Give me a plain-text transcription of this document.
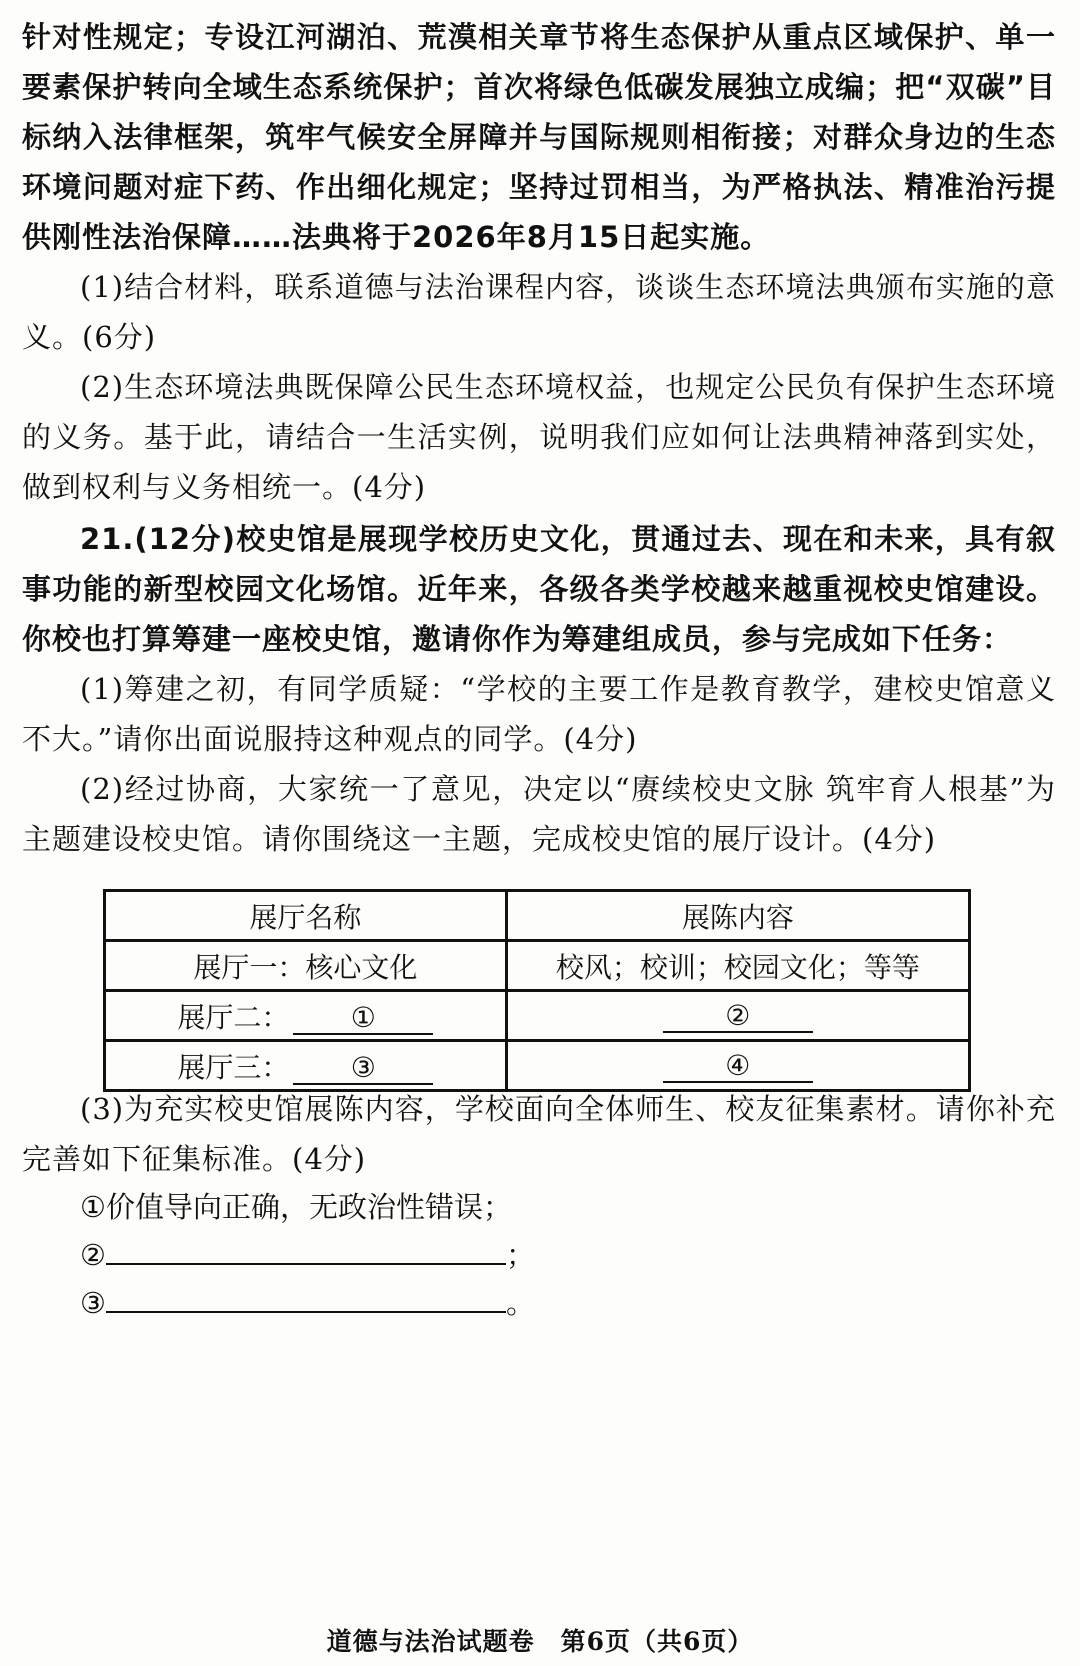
针对性规定；专设江河湖泊、荒漠相关章节将生态保护从重点区域保护、单一要素保护转向全域生态系统保护；首次将绿色低碳发展独立成编；把“双碳”目标纳入法律框架，筑牢气候安全屏障并与国际规则相衔接；对群众身边的生态环境问题对症下药、作出细化规定；坚持过罚相当，为严格执法、精准治污提供刚性法治保障……法典将于2026年8月15日起实施。

(1)结合材料，联系道德与法治课程内容，谈谈生态环境法典颁布实施的意义。(6分)

(2)生态环境法典既保障公民生态环境权益，也规定公民负有保护生态环境的义务。基于此，请结合一生活实例，说明我们应如何让法典精神落到实处，做到权利与义务相统一。(4分)

21.(12分)校史馆是展现学校历史文化，贯通过去、现在和未来，具有叙事功能的新型校园文化场馆。近年来，各级各类学校越来越重视校史馆建设。你校也打算筹建一座校史馆，邀请你作为筹建组成员，参与完成如下任务：

(1)筹建之初，有同学质疑：“学校的主要工作是教育教学，建校史馆意义不大。”请你出面说服持这种观点的同学。(4分)

(2)经过协商，大家统一了意见，决定以“赓续校史文脉 筑牢育人根基”为主题建设校史馆。请你围绕这一主题，完成校史馆的展厅设计。(4分)

展厅名称	展陈内容
展厅一：核心文化	校风；校训；校园文化；等等
展厅二： ①	②
展厅三： ③	④

(3)为充实校史馆展陈内容，学校面向全体师生、校友征集素材。请你补充完善如下征集标准。(4分)

①价值导向正确，无政治性错误；

②	；

③	。

道德与法治试题卷　第6页（共6页）
